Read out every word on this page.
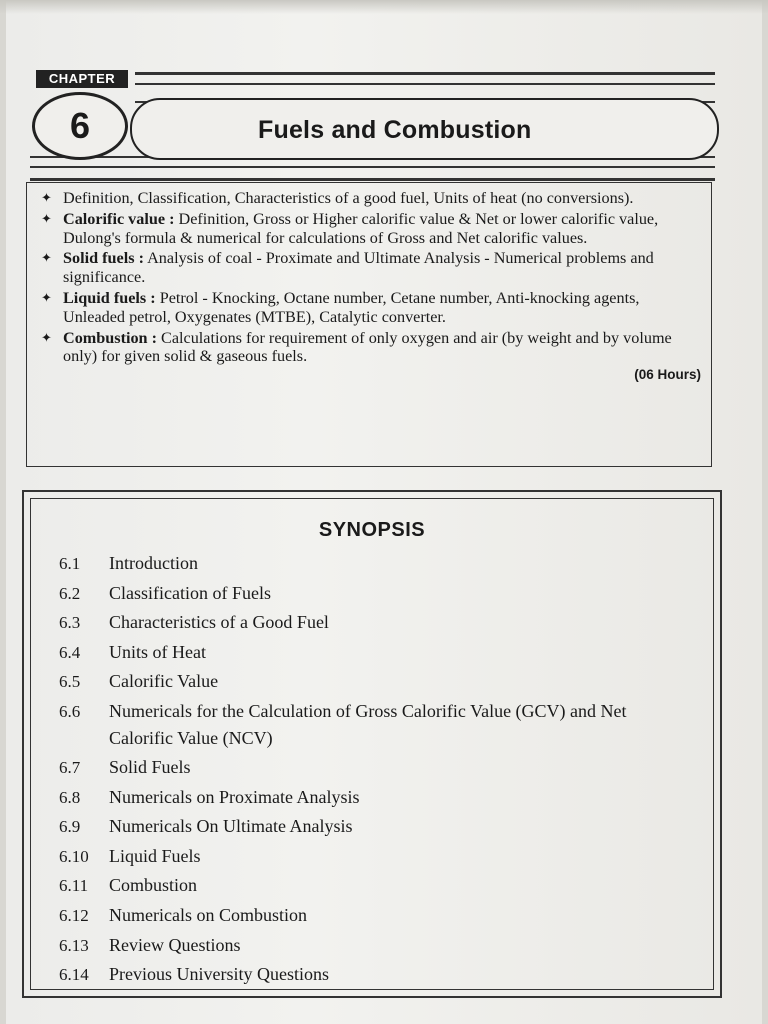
CHAPTER
6	Fuels and Combustion
✦ Definition, Classification, Characteristics of a good fuel, Units of heat (no conversions).
✦ Calorific value : Definition, Gross or Higher calorific value & Net or lower calorific value, Dulong's formula & numerical for calculations of Gross and Net calorific values.
✦ Solid fuels : Analysis of coal - Proximate and Ultimate Analysis - Numerical problems and significance.
✦ Liquid fuels : Petrol - Knocking, Octane number, Cetane number, Anti-knocking agents, Unleaded petrol, Oxygenates (MTBE), Catalytic converter.
✦ Combustion : Calculations for requirement of only oxygen and air (by weight and by volume only) for given solid & gaseous fuels.
(06 Hours)
SYNOPSIS
6.1	Introduction
6.2	Classification of Fuels
6.3	Characteristics of a Good Fuel
6.4	Units of Heat
6.5	Calorific Value
6.6	Numericals for the Calculation of Gross Calorific Value (GCV) and Net Calorific Value (NCV)
6.7	Solid Fuels
6.8	Numericals on Proximate Analysis
6.9	Numericals On Ultimate Analysis
6.10	Liquid Fuels
6.11	Combustion
6.12	Numericals on Combustion
6.13	Review Questions
6.14	Previous University Questions
